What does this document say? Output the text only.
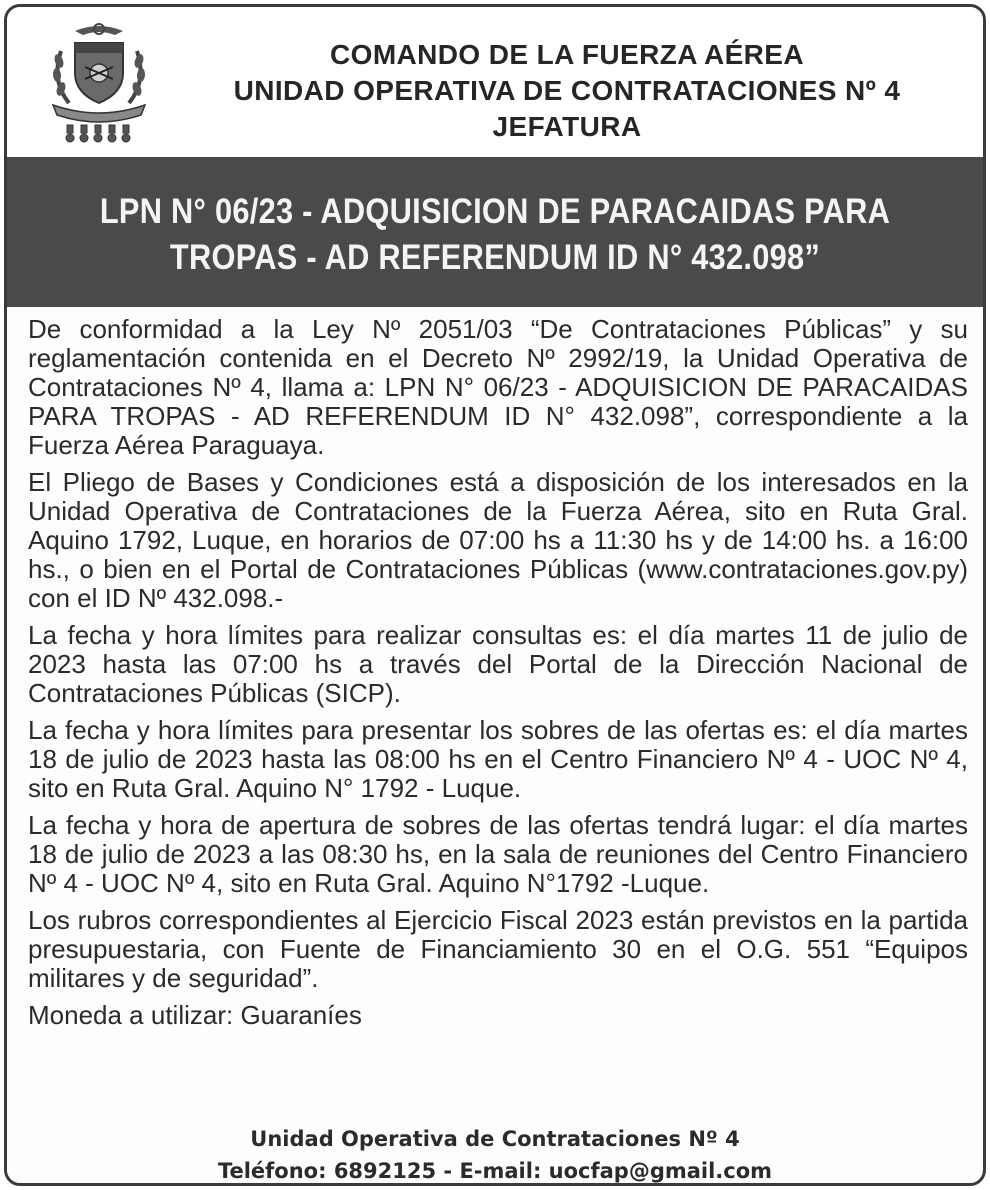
COMANDO DE LA FUERZA AÉREA
UNIDAD OPERATIVA DE CONTRATACIONES Nº 4
JEFATURA
LPN N° 06/23 - ADQUISICION DE PARACAIDAS PARA
TROPAS - AD REFERENDUM ID N° 432.098”

De conformidad a la Ley Nº 2051/03 “De Contrataciones Públicas” y su reglamentación contenida en el Decreto Nº 2992/19, la Unidad Operativa de Contrataciones Nº 4, llama a: LPN N° 06/23 - ADQUISICION DE PARACAIDAS PARA TROPAS - AD REFERENDUM ID N° 432.098”, correspondiente a la Fuerza Aérea Paraguaya.

El Pliego de Bases y Condiciones está a disposición de los interesados en la Unidad Operativa de Contrataciones de la Fuerza Aérea, sito en Ruta Gral. Aquino 1792, Luque, en horarios de 07:00 hs a 11:30 hs y de 14:00 hs. a 16:00 hs., o bien en el Portal de Contrataciones Públicas (www.contrataciones.gov.py) con el ID Nº 432.098.-

La fecha y hora límites para realizar consultas es: el día martes 11 de julio de 2023 hasta las 07:00 hs a través del Portal de la Dirección Nacional de Contrataciones Públicas (SICP).

La fecha y hora límites para presentar los sobres de las ofertas es: el día martes 18 de julio de 2023 hasta las 08:00 hs en el Centro Financiero Nº 4 - UOC Nº 4, sito en Ruta Gral. Aquino N° 1792 - Luque.

La fecha y hora de apertura de sobres de las ofertas tendrá lugar: el día martes 18 de julio de 2023 a las 08:30 hs, en la sala de reuniones del Centro Financiero Nº 4 - UOC Nº 4, sito en Ruta Gral. Aquino N°1792 -Luque.

Los rubros correspondientes al Ejercicio Fiscal 2023 están previstos en la partida presupuestaria, con Fuente de Financiamiento 30 en el O.G. 551 “Equipos militares y de seguridad”.

Moneda a utilizar: Guaraníes

Unidad Operativa de Contrataciones Nº 4
Teléfono: 6892125 - E-mail: uocfap@gmail.com
